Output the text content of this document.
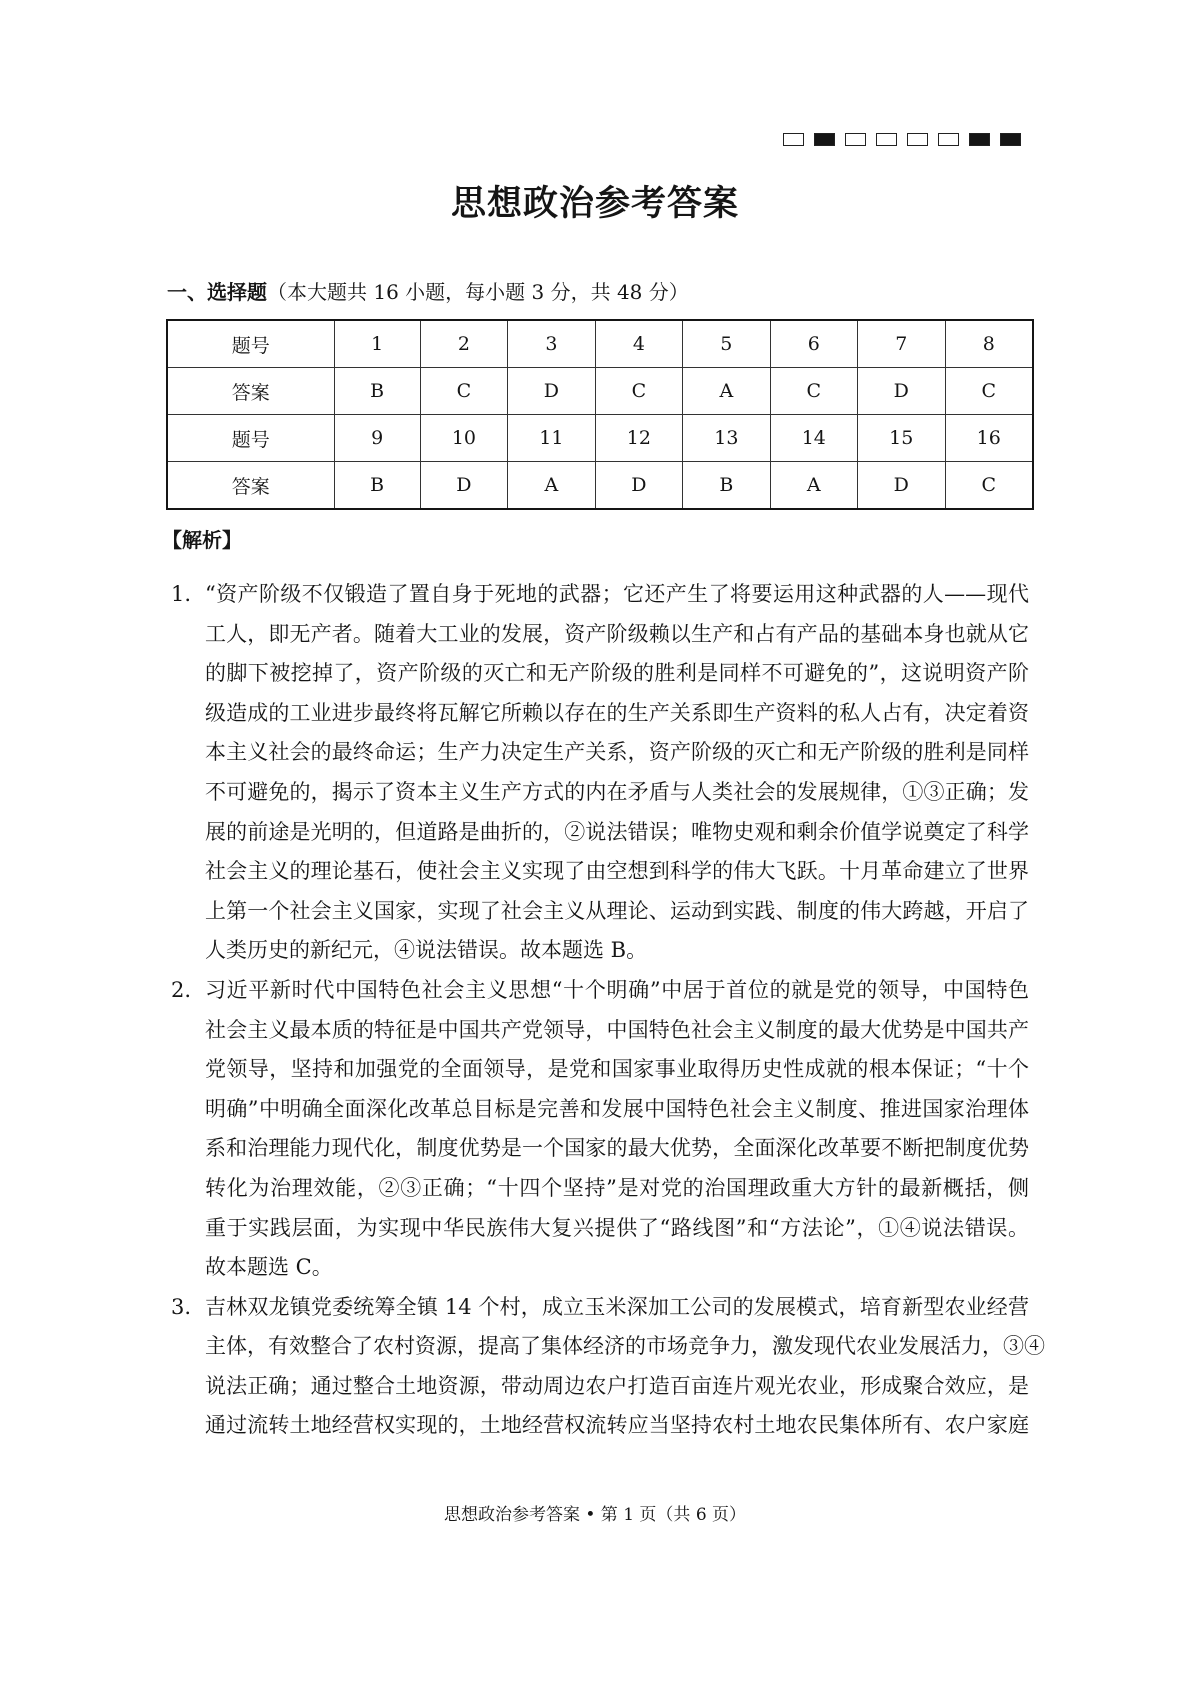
思想政治参考答案
一、选择题（本大题共 16 小题，每小题 3 分，共 48 分）
题号	1	2	3	4	5	6	7	8
答案	B	C	D	C	A	C	D	C
题号	9	10	11	12	13	14	15	16
答案	B	D	A	D	B	A	D	C
【解析】
1. “资产阶级不仅锻造了置自身于死地的武器；它还产生了将要运用这种武器的人——现代
工人，即无产者。随着大工业的发展，资产阶级赖以生产和占有产品的基础本身也就从它
的脚下被挖掉了，资产阶级的灭亡和无产阶级的胜利是同样不可避免的”，这说明资产阶
级造成的工业进步最终将瓦解它所赖以存在的生产关系即生产资料的私人占有，决定着资
本主义社会的最终命运；生产力决定生产关系，资产阶级的灭亡和无产阶级的胜利是同样
不可避免的，揭示了资本主义生产方式的内在矛盾与人类社会的发展规律，①③正确；发
展的前途是光明的，但道路是曲折的，②说法错误；唯物史观和剩余价值学说奠定了科学
社会主义的理论基石，使社会主义实现了由空想到科学的伟大飞跃。十月革命建立了世界
上第一个社会主义国家，实现了社会主义从理论、运动到实践、制度的伟大跨越，开启了
人类历史的新纪元，④说法错误。故本题选 B。
2. 习近平新时代中国特色社会主义思想“十个明确”中居于首位的就是党的领导，中国特色
社会主义最本质的特征是中国共产党领导，中国特色社会主义制度的最大优势是中国共产
党领导，坚持和加强党的全面领导，是党和国家事业取得历史性成就的根本保证；“十个
明确”中明确全面深化改革总目标是完善和发展中国特色社会主义制度、推进国家治理体
系和治理能力现代化，制度优势是一个国家的最大优势，全面深化改革要不断把制度优势
转化为治理效能，②③正确；“十四个坚持”是对党的治国理政重大方针的最新概括，侧
重于实践层面，为实现中华民族伟大复兴提供了“路线图”和“方法论”，①④说法错误。
故本题选 C。
3. 吉林双龙镇党委统筹全镇 14 个村，成立玉米深加工公司的发展模式，培育新型农业经营
主体，有效整合了农村资源，提高了集体经济的市场竞争力，激发现代农业发展活力，③④
说法正确；通过整合土地资源，带动周边农户打造百亩连片观光农业，形成聚合效应，是
通过流转土地经营权实现的，土地经营权流转应当坚持农村土地农民集体所有、农户家庭
思想政治参考答案 • 第 1 页（共 6 页）
